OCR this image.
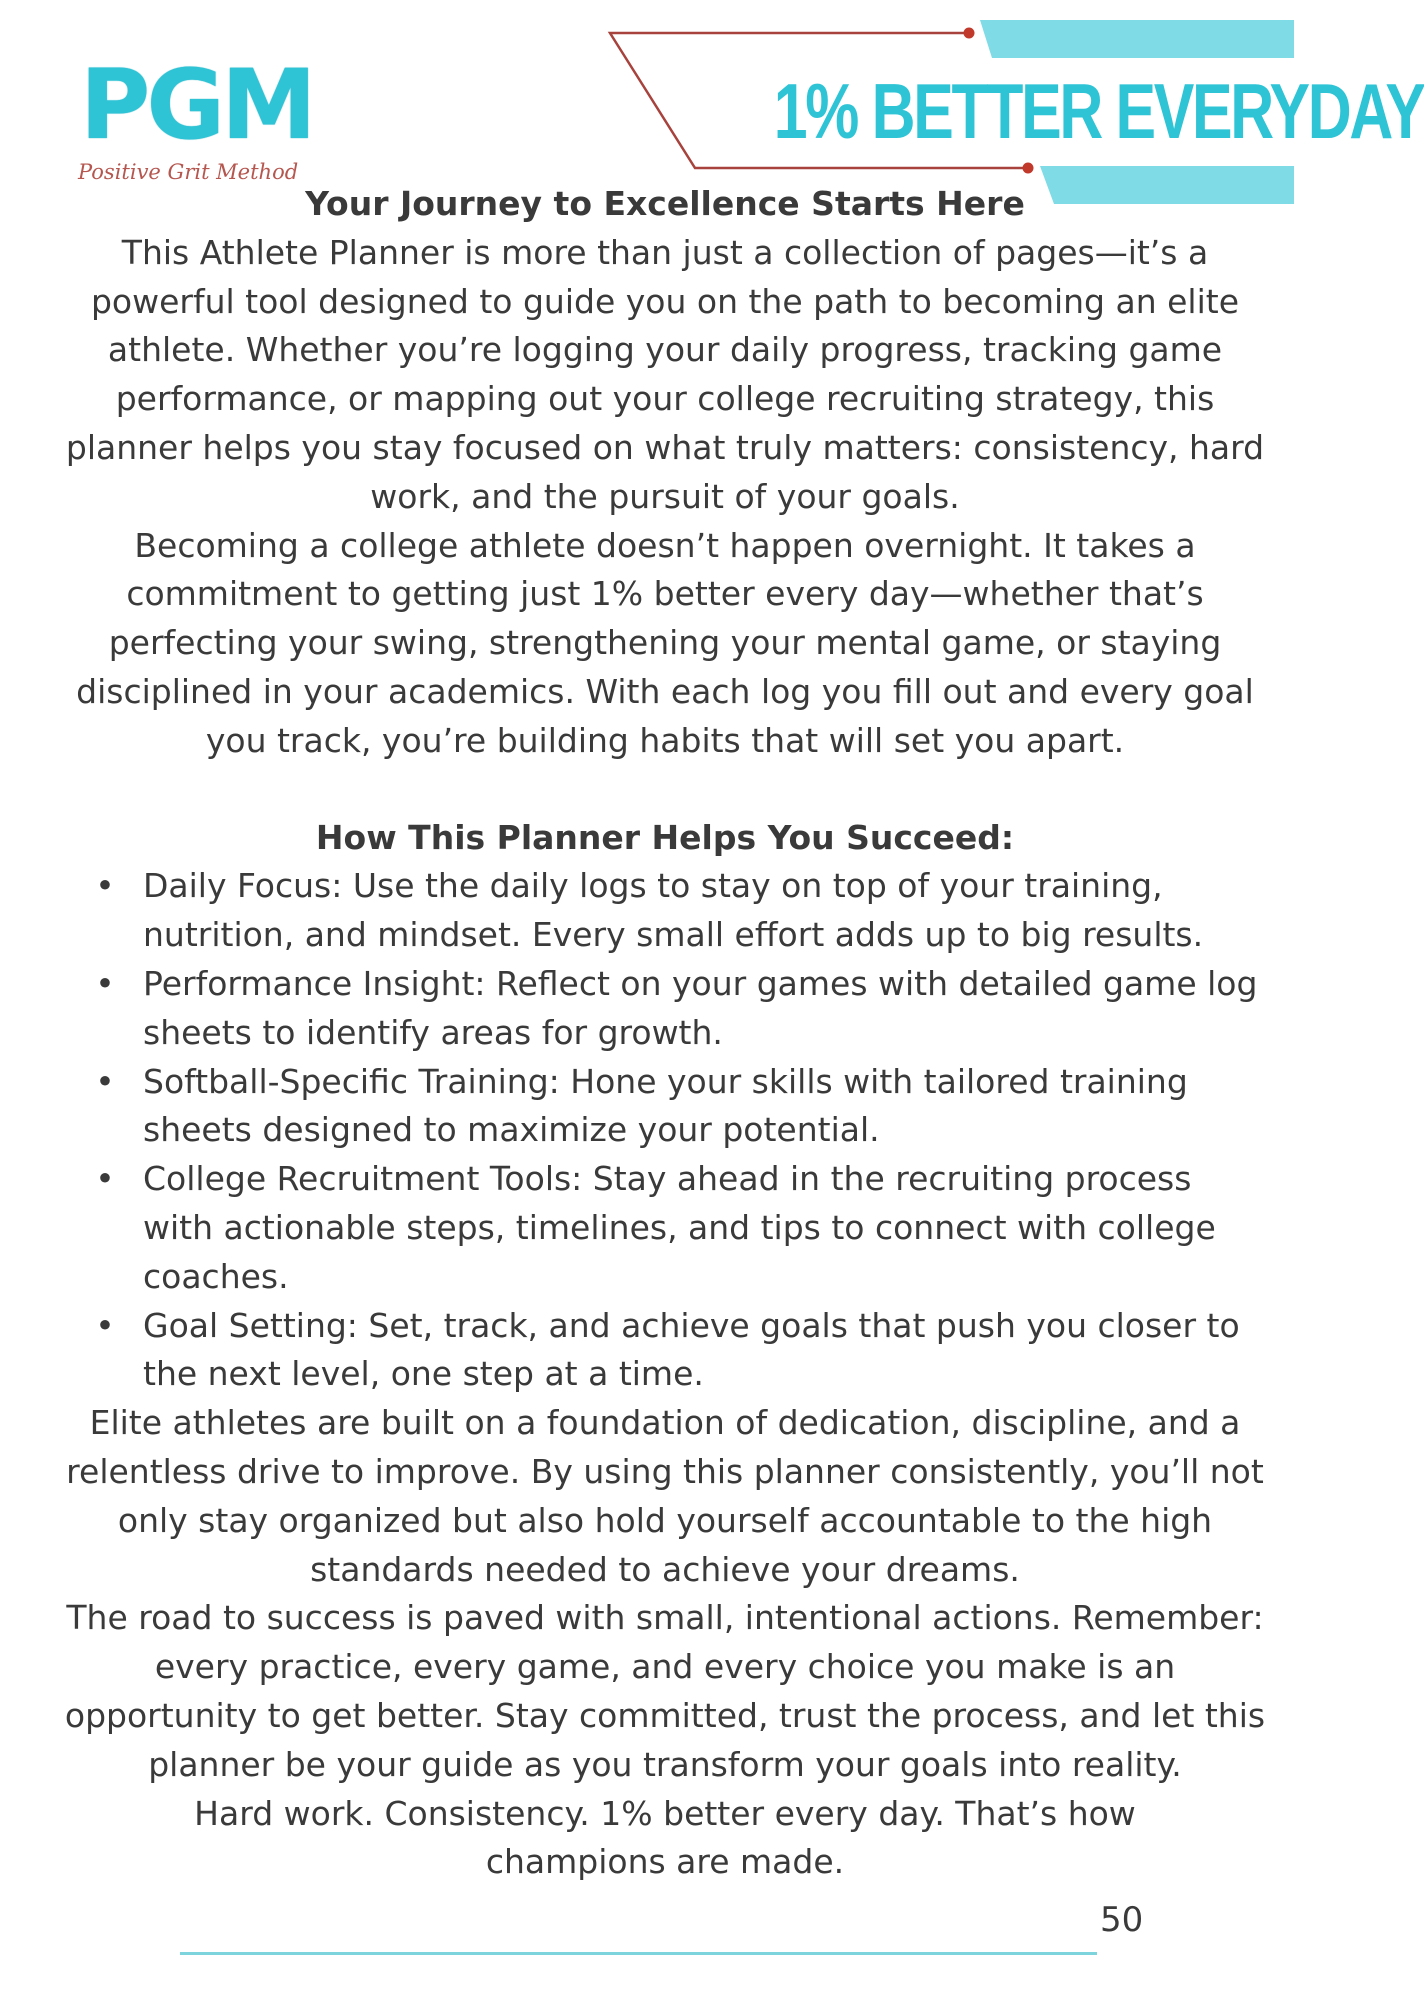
PGM
Positive Grit Method
1% BETTER EVERYDAY
Your Journey to Excellence Starts Here

This Athlete Planner is more than just a collection of pages—it’s a powerful tool designed to guide you on the path to becoming an elite athlete. Whether you’re logging your daily progress, tracking game performance, or mapping out your college recruiting strategy, this planner helps you stay focused on what truly matters: consistency, hard work, and the pursuit of your goals.

Becoming a college athlete doesn’t happen overnight. It takes a commitment to getting just 1% better every day—whether that’s perfecting your swing, strengthening your mental game, or staying disciplined in your academics. With each log you fill out and every goal you track, you’re building habits that will set you apart.

How This Planner Helps You Succeed:
• Daily Focus: Use the daily logs to stay on top of your training, nutrition, and mindset. Every small effort adds up to big results.
• Performance Insight: Reflect on your games with detailed game log sheets to identify areas for growth.
• Softball-Specific Training: Hone your skills with tailored training sheets designed to maximize your potential.
• College Recruitment Tools: Stay ahead in the recruiting process with actionable steps, timelines, and tips to connect with college coaches.
• Goal Setting: Set, track, and achieve goals that push you closer to the next level, one step at a time.

Elite athletes are built on a foundation of dedication, discipline, and a relentless drive to improve. By using this planner consistently, you’ll not only stay organized but also hold yourself accountable to the high standards needed to achieve your dreams.

The road to success is paved with small, intentional actions. Remember: every practice, every game, and every choice you make is an opportunity to get better. Stay committed, trust the process, and let this planner be your guide as you transform your goals into reality.

Hard work. Consistency. 1% better every day. That’s how champions are made.

50
